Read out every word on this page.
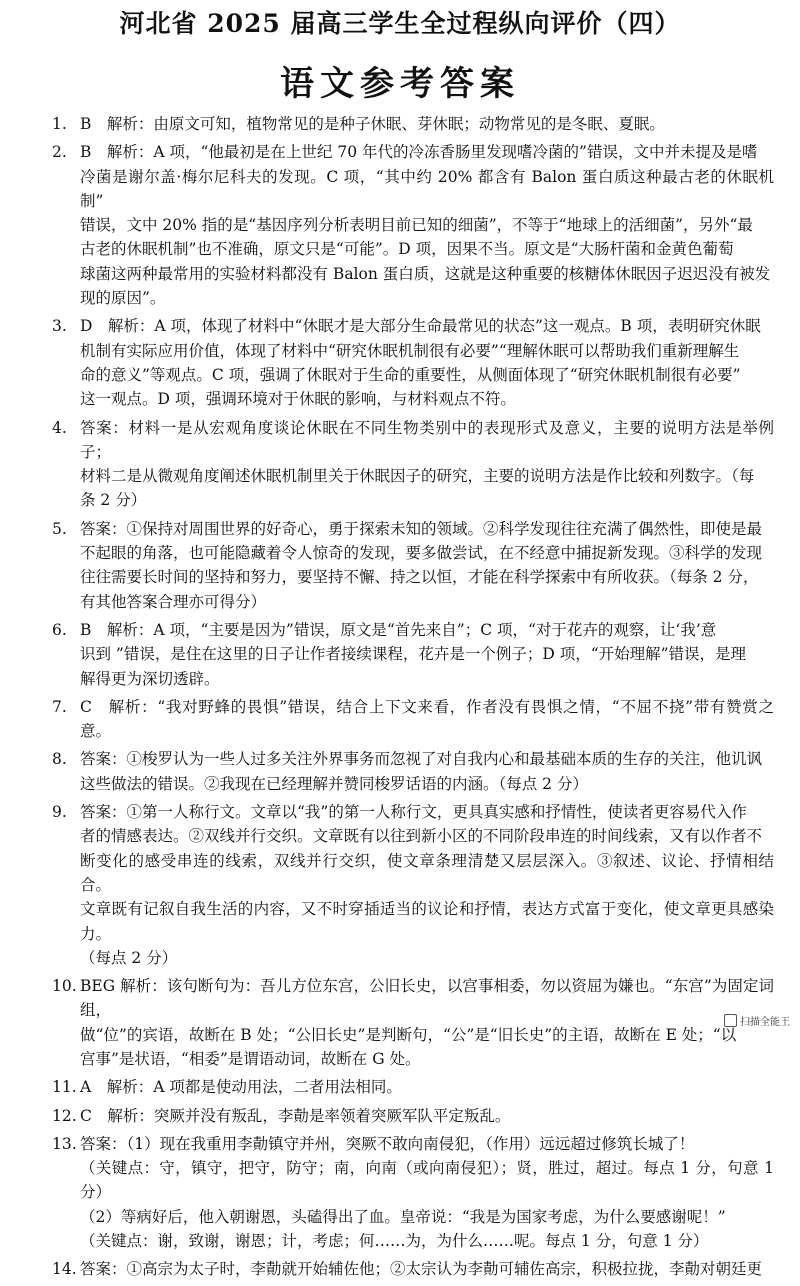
河北省 2025 届高三学生全过程纵向评价（四）
语文参考答案
1. B　解析：由原文可知，植物常见的是种子休眠、芽休眠；动物常见的是冬眠、夏眠。

2. B　解析：A 项，“他最初是在上世纪 70 年代的冷冻香肠里发现嗜冷菌的”错误，文中并未提及是嗜
冷菌是谢尔盖·梅尔尼科夫的发现。C 项，“其中约 20% 都含有 Balon 蛋白质这种最古老的休眠机制”
错误，文中 20% 指的是“基因序列分析表明目前已知的细菌”，不等于“地球上的活细菌”，另外“最
古老的休眠机制”也不准确，原文只是“可能”。D 项，因果不当。原文是“大肠杆菌和金黄色葡萄
球菌这两种最常用的实验材料都没有 Balon 蛋白质，这就是这种重要的核糖体休眠因子迟迟没有被发
现的原因”。

3. D　解析：A 项，体现了材料中“休眠才是大部分生命最常见的状态”这一观点。B 项，表明研究休眠
机制有实际应用价值，体现了材料中“研究休眠机制很有必要”“理解休眠可以帮助我们重新理解生
命的意义”等观点。C 项，强调了休眠对于生命的重要性，从侧面体现了“研究休眠机制很有必要”
这一观点。D 项，强调环境对于休眠的影响，与材料观点不符。

4. 答案：材料一是从宏观角度谈论休眠在不同生物类别中的表现形式及意义，主要的说明方法是举例子；
材料二是从微观角度阐述休眠机制里关于休眠因子的研究，主要的说明方法是作比较和列数字。（每
条 2 分）

5. 答案：①保持对周围世界的好奇心，勇于探索未知的领域。②科学发现往往充满了偶然性，即使是最
不起眼的角落，也可能隐藏着令人惊奇的发现，要多做尝试，在不经意中捕捉新发现。③科学的发现
往往需要长时间的坚持和努力，要坚持不懈、持之以恒，才能在科学探索中有所收获。（每条 2 分，
有其他答案合理亦可得分）

6. B　解析：A 项，“主要是因为”错误，原文是“首先来自”；C 项，“对于花卉的观察，让‘我’意
识到 ”错误，是住在这里的日子让作者接续课程，花卉是一个例子；D 项，“开始理解”错误，是理
解得更为深切透辟。

7. C　解析：“我对野蜂的畏惧”错误，结合上下文来看，作者没有畏惧之情，“不屈不挠”带有赞赏之意。

8. 答案：①梭罗认为一些人过多关注外界事务而忽视了对自我内心和最基础本质的生存的关注，他讥讽
这些做法的错误。②我现在已经理解并赞同梭罗话语的内涵。（每点 2 分）

9. 答案：①第一人称行文。文章以“我”的第一人称行文，更具真实感和抒情性，使读者更容易代入作
者的情感表达。②双线并行交织。文章既有以往到新小区的不同阶段串连的时间线索，又有以作者不
断变化的感受串连的线索，双线并行交织，使文章条理清楚又层层深入。③叙述、议论、抒情相结合。
文章既有记叙自我生活的内容，又不时穿插适当的议论和抒情，表达方式富于变化，使文章更具感染力。
（每点 2 分）

10. BEG 解析：该句断句为：吾儿方位东宫，公旧长史，以宫事相委，勿以资屈为嫌也。“东宫”为固定词组，
做“位”的宾语，故断在 B 处；“公旧长史”是判断句，“公”是“旧长史”的主语，故断在 E 处；“以
宫事”是状语，“相委”是谓语动词，故断在 G 处。

11. A　解析：A 项都是使动用法，二者用法相同。

12. C　解析：突厥并没有叛乱，李勣是率领着突厥军队平定叛乱。

13. 答案：（1）现在我重用李勣镇守并州，突厥不敢向南侵犯，（作用）远远超过修筑长城了！
（关键点：守，镇守，把守，防守；南，向南（或向南侵犯）；贤，胜过，超过。每点 1 分，句意 1 分）
（2）等病好后，他入朝谢恩，头磕得出了血。皇帝说：“我是为国家考虑，为什么要感谢呢！”
（关键点：谢，致谢，谢恩；计，考虑；何……为，为什么……呢。每点 1 分，句意 1 分）

14. 答案：①高宗为太子时，李勣就开始辅佐他；②太宗认为李勣可辅佐高宗，积极拉拢，李勣对朝廷更

扫描全能王
